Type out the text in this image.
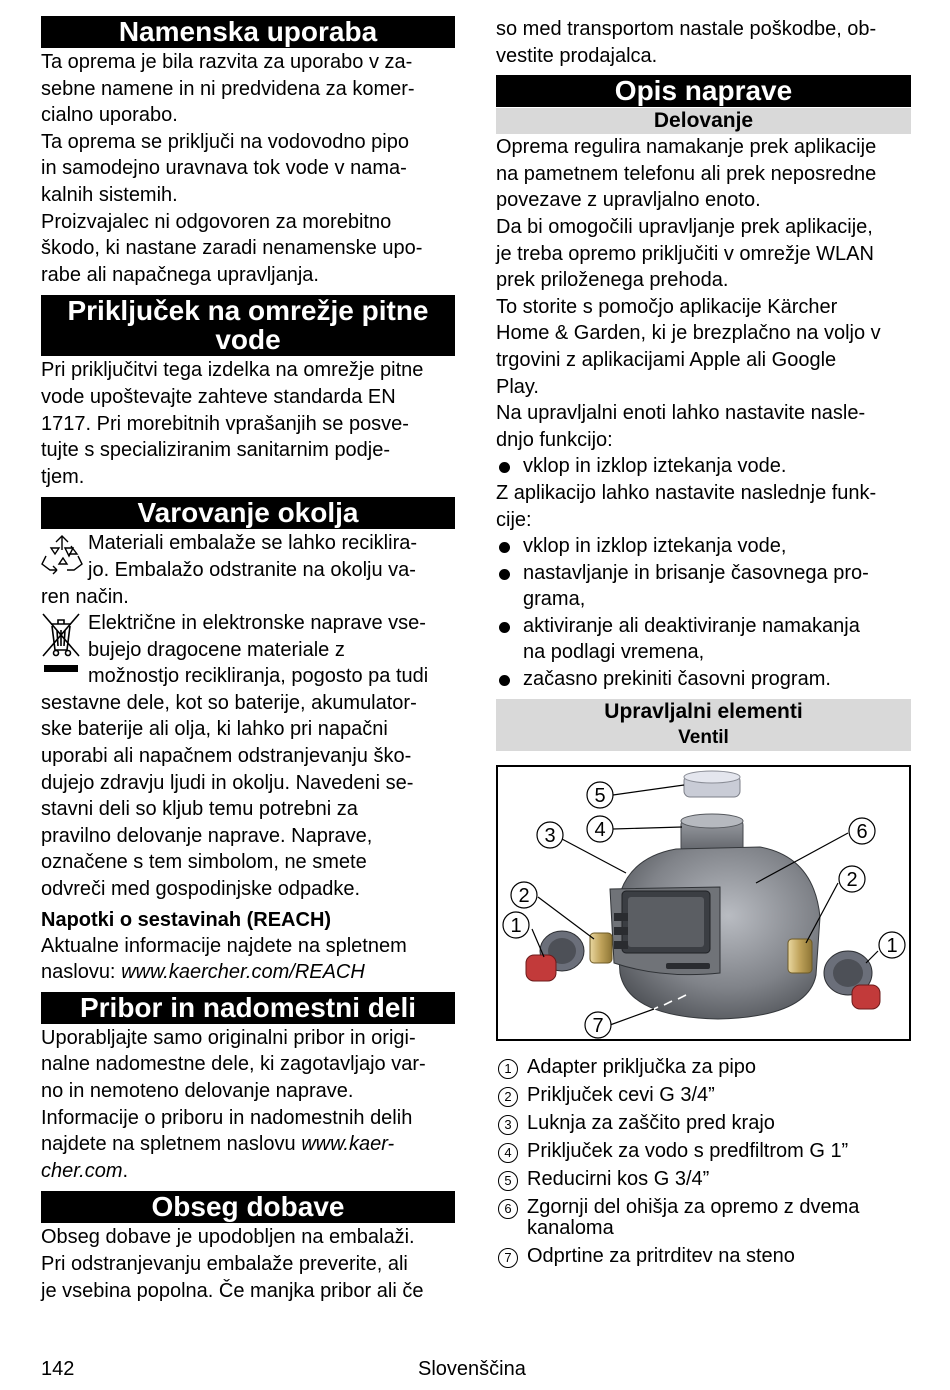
Namenska uporaba

Ta oprema je bila razvita za uporabo v za-

sebne namene in ni predvidena za komer-

cialno uporabo.

Ta oprema se priključi na vodovodno pipo

in samodejno uravnava tok vode v nama-

kalnih sistemih.

Proizvajalec ni odgovoren za morebitno

škodo, ki nastane zaradi nenamenske upo-

rabe ali napačnega upravljanja.

Priključek na omrežje pitne
vode

Pri priključitvi tega izdelka na omrežje pitne

vode upoštevajte zahteve standarda EN

1717. Pri morebitnih vprašanjih se posve-

tujte s specializiranim sanitarnim podje-

tjem.

Varovanje okolja

Materiali embalaže se lahko reciklira-

jo. Embalažo odstranite na okolju va-

ren način.

Električne in elektronske naprave vse-

bujejo dragocene materiale z

možnostjo recikliranja, pogosto pa tudi

sestavne dele, kot so baterije, akumulator-

ske baterije ali olja, ki lahko pri napačni

uporabi ali napačnem odstranjevanju ško-

dujejo zdravju ljudi in okolju. Navedeni se-

stavni deli so kljub temu potrebni za

pravilno delovanje naprave. Naprave,

označene s tem simbolom, ne smete

odvreči med gospodinjske odpadke.

Napotki o sestavinah (REACH)

Aktualne informacije najdete na spletnem

naslovu: www.kaercher.com/REACH

Pribor in nadomestni deli

Uporabljajte samo originalni pribor in origi-

nalne nadomestne dele, ki zagotavljajo var-

no in nemoteno delovanje naprave.

Informacije o priboru in nadomestnih delih

najdete na spletnem naslovu www.kaer-

cher.com.

Obseg dobave

Obseg dobave je upodobljen na embalaži.

Pri odstranjevanju embalaže preverite, ali

je vsebina popolna. Če manjka pribor ali če

so med transportom nastale poškodbe, ob-

vestite prodajalca.

Opis naprave
Delovanje

Oprema regulira namakanje prek aplikacije

na pametnem telefonu ali prek neposredne

povezave z upravljalno enoto.

Da bi omogočili upravljanje prek aplikacije,

je treba opremo priključiti v omrežje WLAN

prek priloženega prehoda.

To storite s pomočjo aplikacije Kärcher

Home & Garden, ki je brezplačno na voljo v

trgovini z aplikacijami Apple ali Google

Play.

Na upravljalni enoti lahko nastavite nasle-

dnjo funkcijo:

vklop in izklop iztekanja vode.

Z aplikacijo lahko nastavite naslednje funk-

cije:

vklop in izklop iztekanja vode,
nastavljanje in brisanje časovnega pro-
grama,
aktiviranje ali deaktiviranje namakanja
na podlagi vremena,
začasno prekiniti časovni program.
Upravljalni elementi
Ventil
5
4
3	6
2
2
1
1
7
1 Adapter priključka za pipo
2 Priključek cevi G 3/4”
3 Luknja za zaščito pred krajo
4 Priključek za vodo s predfiltrom G 1”
5 Reducirni kos G 3/4”
6 Zgornji del ohišja za opremo z dvema kanaloma
7 Odprtine za pritrditev na steno
142	Slovenščina
